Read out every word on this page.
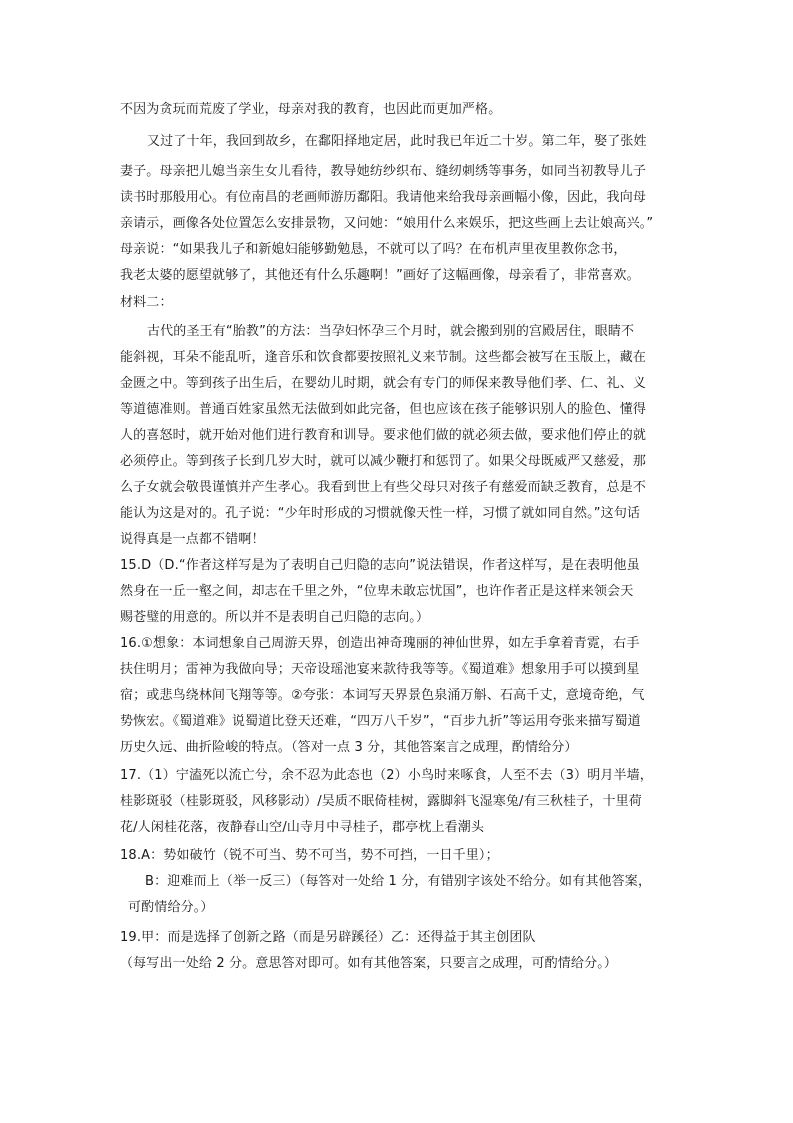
不因为贪玩而荒废了学业，母亲对我的教育，也因此而更加严格。
又过了十年，我回到故乡，在鄱阳择地定居，此时我已年近二十岁。第二年，娶了张姓
妻子。母亲把儿媳当亲生女儿看待，教导她纺纱织布、缝纫刺绣等事务，如同当初教导儿子
读书时那般用心。有位南昌的老画师游历鄱阳。我请他来给我母亲画幅小像，因此，我向母
亲请示，画像各处位置怎么安排景物，又问她：“娘用什么来娱乐，把这些画上去让娘高兴。”
母亲说：“如果我儿子和新媳妇能够勤勉恳，不就可以了吗？在布机声里夜里教你念书，
我老太婆的愿望就够了，其他还有什么乐趣啊！”画好了这幅画像，母亲看了，非常喜欢。
材料二：
古代的圣王有“胎教”的方法：当孕妇怀孕三个月时，就会搬到别的宫殿居住，眼睛不
能斜视，耳朵不能乱听，逢音乐和饮食都要按照礼义来节制。这些都会被写在玉版上，藏在
金匮之中。等到孩子出生后，在婴幼儿时期，就会有专门的师保来教导他们孝、仁、礼、义
等道德准则。普通百姓家虽然无法做到如此完备，但也应该在孩子能够识别人的脸色、懂得
人的喜怒时，就开始对他们进行教育和训导。要求他们做的就必须去做，要求他们停止的就
必须停止。等到孩子长到几岁大时，就可以减少鞭打和惩罚了。如果父母既威严又慈爱，那
么子女就会敬畏谨慎并产生孝心。我看到世上有些父母只对孩子有慈爱而缺乏教育，总是不
能认为这是对的。孔子说：“少年时形成的习惯就像天性一样，习惯了就如同自然。”这句话
说得真是一点都不错啊！
15.D（D.“作者这样写是为了表明自己归隐的志向”说法错误，作者这样写，是在表明他虽
然身在一丘一壑之间，却志在千里之外，“位卑未敢忘忧国”，也许作者正是这样来领会天
赐苍璧的用意的。所以并不是表明自己归隐的志向。）
16.①想象：本词想象自己周游天界，创造出神奇瑰丽的神仙世界，如左手拿着青霓，右手
扶住明月；雷神为我做向导；天帝设瑶池宴来款待我等等。《蜀道难》想象用手可以摸到星
宿；或悲鸟绕林间飞翔等等。②夸张：本词写天界景色泉涌万斛、石高千丈，意境奇绝，气
势恢宏。《蜀道难》说蜀道比登天还难，“四万八千岁”，“百步九折”等运用夸张来描写蜀道
历史久远、曲折险峻的特点。（答对一点 3 分，其他答案言之成理，酌情给分）
17.（1）宁溘死以流亡兮，余不忍为此态也（2）小鸟时来啄食，人至不去（3）明月半墙，
桂影斑驳（桂影斑驳，风移影动）/吴质不眠倚桂树，露脚斜飞湿寒兔/有三秋桂子，十里荷
花/人闲桂花落，夜静春山空/山寺月中寻桂子，郡亭枕上看潮头
18.A：势如破竹（锐不可当、势不可当，势不可挡，一日千里）；
B：迎难而上（举一反三）（每答对一处给 1 分，有错别字该处不给分。如有其他答案，
可酌情给分。）
19.甲：而是选择了创新之路（而是另辟蹊径）乙：还得益于其主创团队
（每写出一处给 2 分。意思答对即可。如有其他答案，只要言之成理，可酌情给分。）
